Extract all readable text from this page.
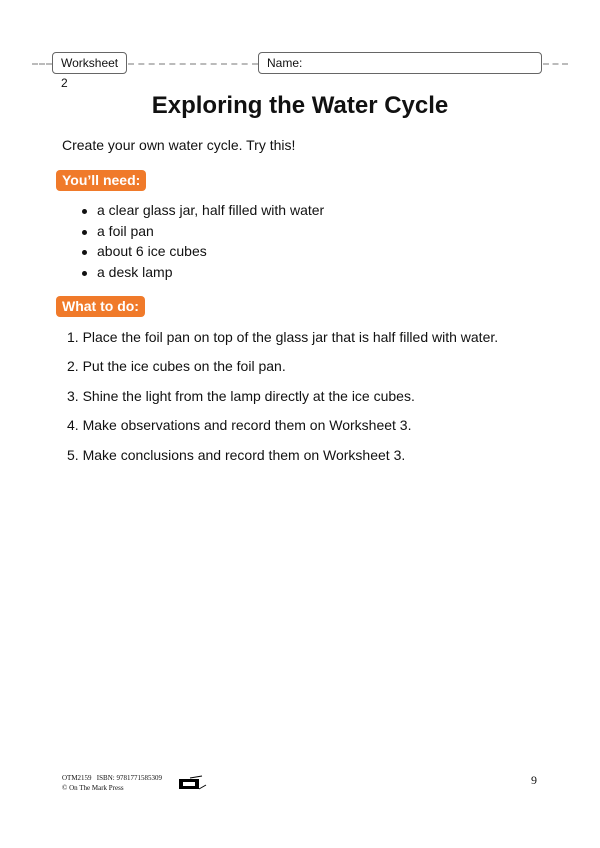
Worksheet 2
Name:
Exploring the Water Cycle
Create your own water cycle. Try this!
You’ll need:
a clear glass jar, half filled with water
a foil pan
about 6 ice cubes
a desk lamp
What to do:
1. Place the foil pan on top of the glass jar that is half filled with water.
2. Put the ice cubes on the foil pan.
3. Shine the light from the lamp directly at the ice cubes.
4. Make observations and record them on Worksheet 3.
5. Make conclusions and record them on Worksheet 3.
OTM2159   ISBN: 9781771585309
© On The Mark Press
9
